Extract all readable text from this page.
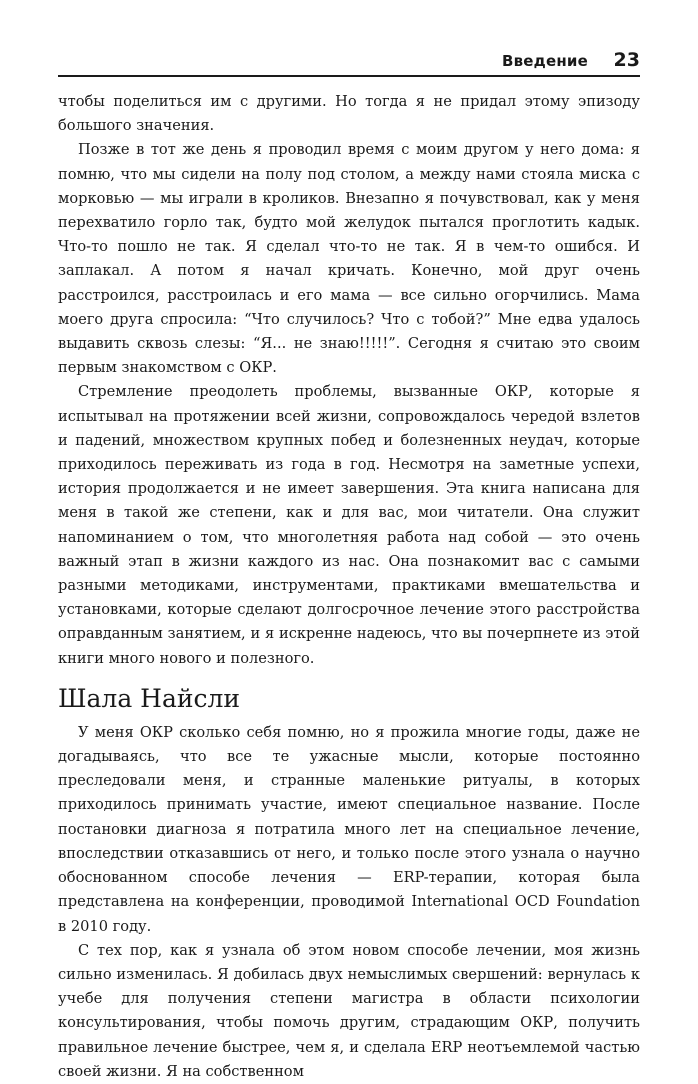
Введение 23

чтобы поделиться им с другими. Но тогда я не придал этому эпизоду большого значения.

Позже в тот же день я проводил время с моим другом у него дома: я помню, что мы сидели на полу под столом, а между нами стояла миска с морковью — мы играли в кроликов. Внезапно я почувствовал, как у меня перехватило горло так, будто мой желудок пытался проглотить кадык. Что-то пошло не так. Я сделал что-то не так. Я в чем-то ошибся. И заплакал. А потом я начал кричать. Конечно, мой друг очень расстроился, расстроилась и его мама — все сильно огорчились. Мама моего друга спросила: “Что случилось? Что с тобой?” Мне едва удалось выдавить сквозь слезы: “Я... не знаю!!!!!”. Сегодня я считаю это своим первым знакомством с ОКР.

Стремление преодолеть проблемы, вызванные ОКР, которые я испытывал на протяжении всей жизни, сопровождалось чередой взлетов и падений, множеством крупных побед и болезненных неудач, которые приходилось переживать из года в год. Несмотря на заметные успехи, история продолжается и не имеет завершения. Эта книга написана для меня в такой же степени, как и для вас, мои читатели. Она служит напоминанием о том, что многолетняя работа над собой — это очень важный этап в жизни каждого из нас. Она познакомит вас с самыми разными методиками, инструментами, практиками вмешательства и установками, которые сделают долгосрочное лечение этого расстройства оправданным занятием, и я искренне надеюсь, что вы почерпнете из этой книги много нового и полезного.

Шала Найсли

У меня ОКР сколько себя помню, но я прожила многие годы, даже не догадываясь, что все те ужасные мысли, которые постоянно преследовали меня, и странные маленькие ритуалы, в которых приходилось принимать участие, имеют специальное название. После постановки диагноза я потратила много лет на специальное лечение, впоследствии отказавшись от него, и только после этого узнала о научно обоснованном способе лечения — ERP-терапии, которая была представлена на конференции, проводимой International OCD Foundation в 2010 году.

С тех пор, как я узнала об этом новом способе лечении, моя жизнь сильно изменилась. Я добилась двух немыслимых свершений: вернулась к учебе для получения степени магистра в области психологии консультирования, чтобы помочь другим, страдающим ОКР, получить правильное лечение быстрее, чем я, и сделала ERP неотъемлемой частью своей жизни. Я на собственном
